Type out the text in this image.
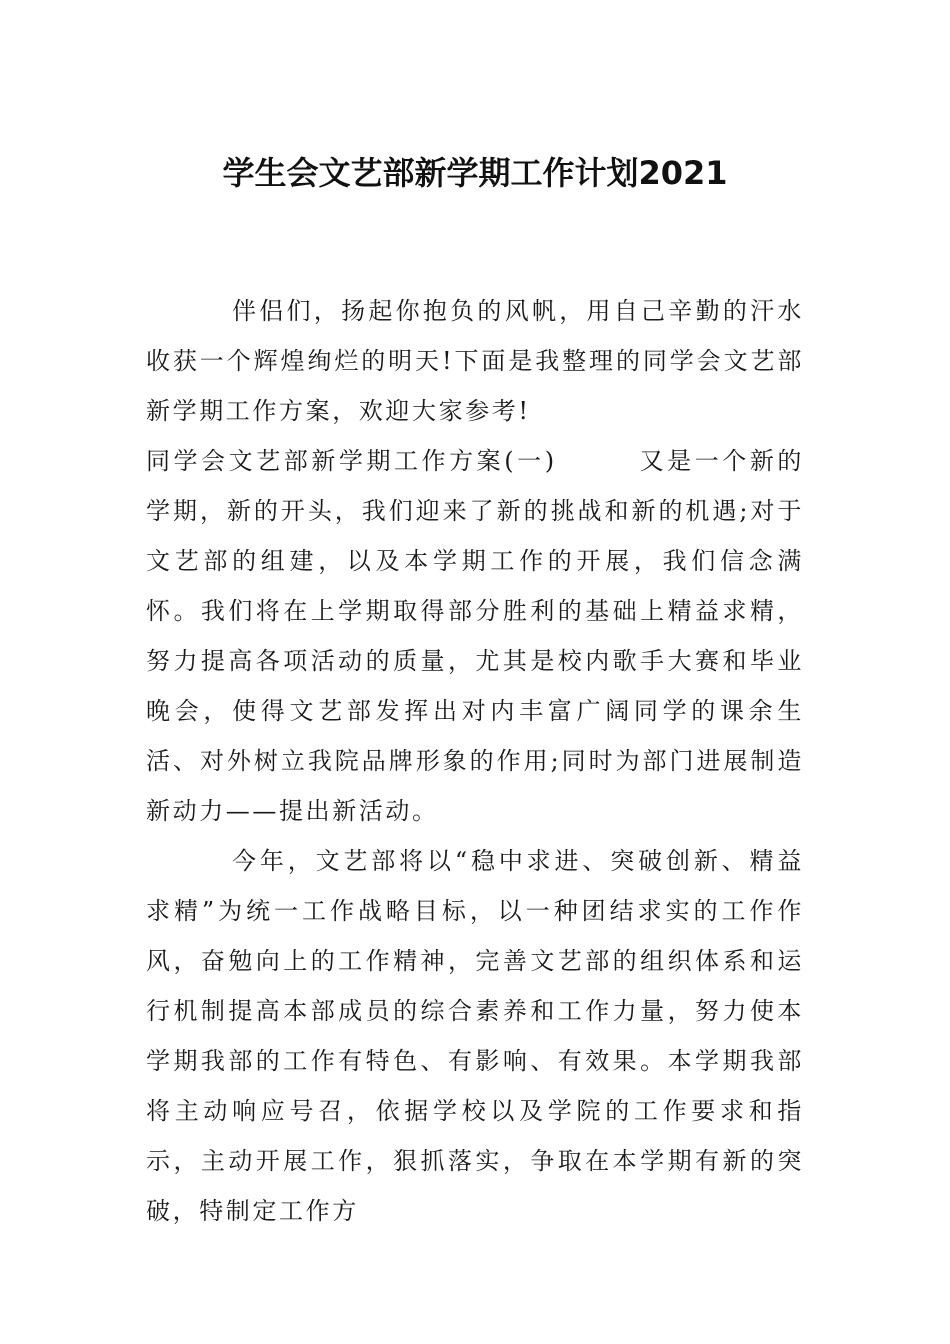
学生会文艺部新学期工作计划2021

伴侣们，扬起你抱负的风帆，用自己辛勤的汗水收获一个辉煌绚烂的明天!下面是我整理的同学会文艺部新学期工作方案，欢迎大家参考!

同学会文艺部新学期工作方案(一)	又是一个新的学期，新的开头，我们迎来了新的挑战和新的机遇;对于文艺部的组建，以及本学期工作的开展，我们信念满怀。我们将在上学期取得部分胜利的基础上精益求精，努力提高各项活动的质量，尤其是校内歌手大赛和毕业晚会，使得文艺部发挥出对内丰富广阔同学的课余生活、对外树立我院品牌形象的作用;同时为部门进展制造新动力——提出新活动。

今年，文艺部将以“稳中求进、突破创新、精益求精”为统一工作战略目标，以一种团结求实的工作作风，奋勉向上的工作精神，完善文艺部的组织体系和运行机制提高本部成员的综合素养和工作力量，努力使本学期我部的工作有特色、有影响、有效果。本学期我部将主动响应号召，依据学校以及学院的工作要求和指示，主动开展工作，狠抓落实，争取在本学期有新的突破，特制定工作方
